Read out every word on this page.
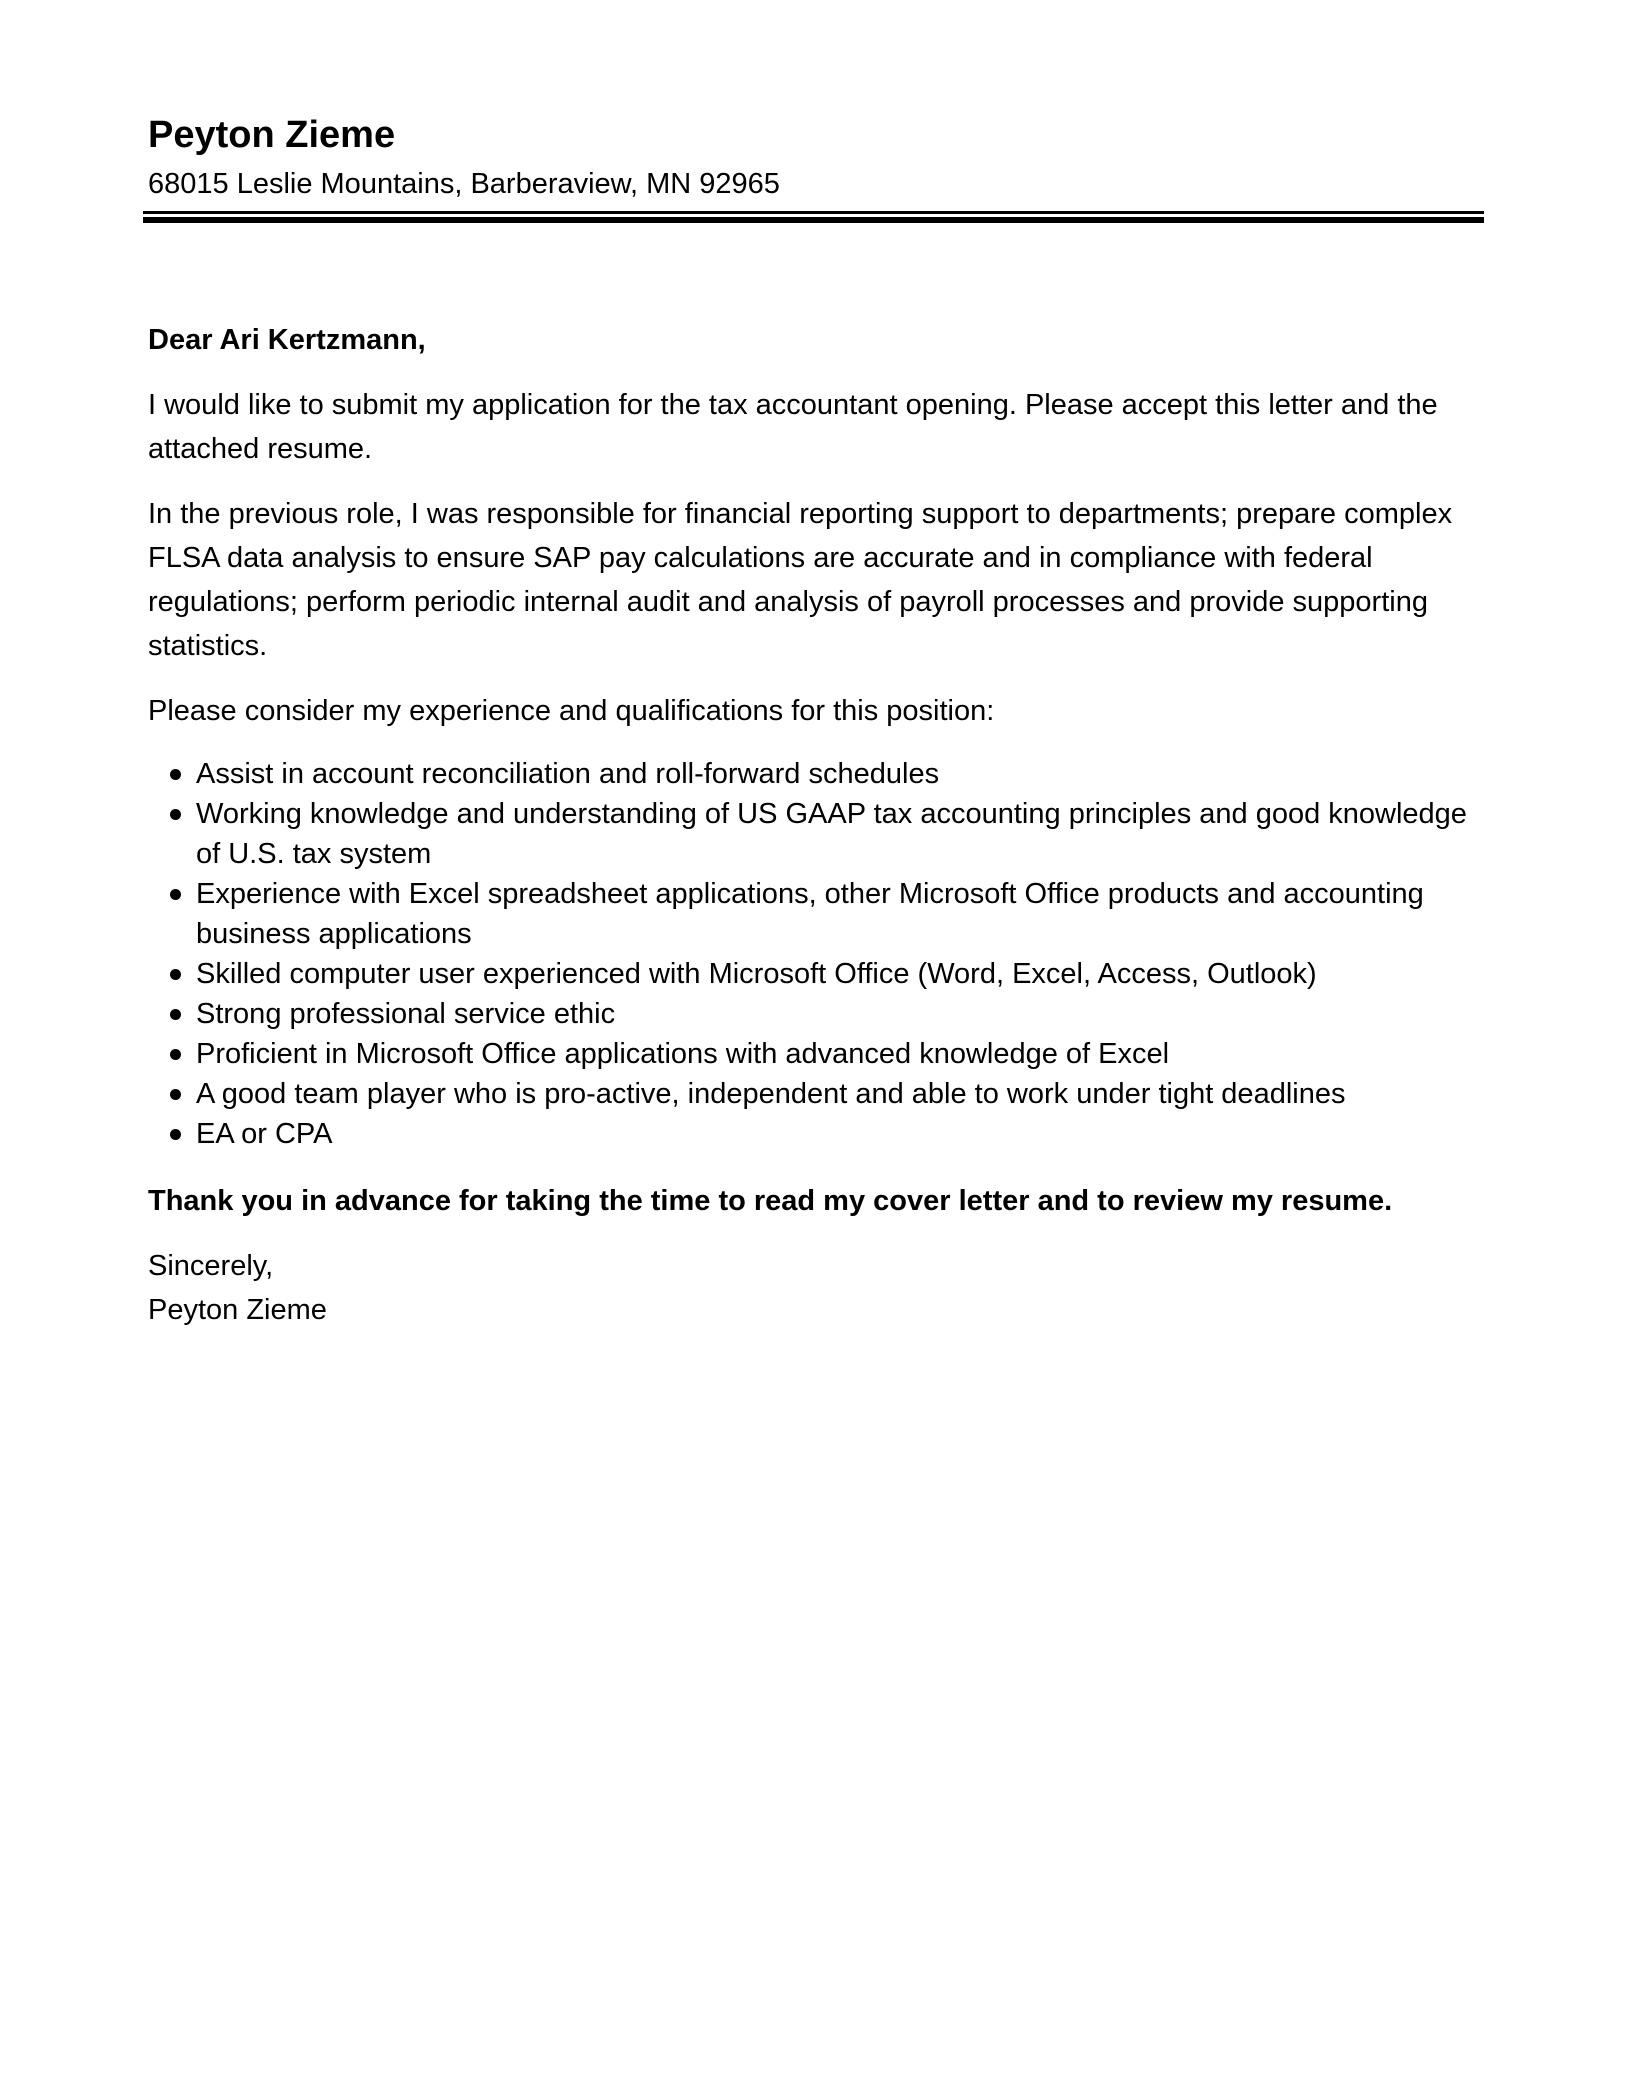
Peyton Zieme

68015 Leslie Mountains, Barberaview, MN 92965

Dear Ari Kertzmann,

I would like to submit my application for the tax accountant opening. Please accept this letter and the attached resume.

In the previous role, I was responsible for financial reporting support to departments; prepare complex FLSA data analysis to ensure SAP pay calculations are accurate and in compliance with federal regulations; perform periodic internal audit and analysis of payroll processes and provide supporting statistics.

Please consider my experience and qualifications for this position:

Assist in account reconciliation and roll-forward schedules
Working knowledge and understanding of US GAAP tax accounting principles and good knowledge of U.S. tax system
Experience with Excel spreadsheet applications, other Microsoft Office products and accounting business applications
Skilled computer user experienced with Microsoft Office (Word, Excel, Access, Outlook)
Strong professional service ethic
Proficient in Microsoft Office applications with advanced knowledge of Excel
A good team player who is pro-active, independent and able to work under tight deadlines
EA or CPA

Thank you in advance for taking the time to read my cover letter and to review my resume.

Sincerely,

Peyton Zieme
